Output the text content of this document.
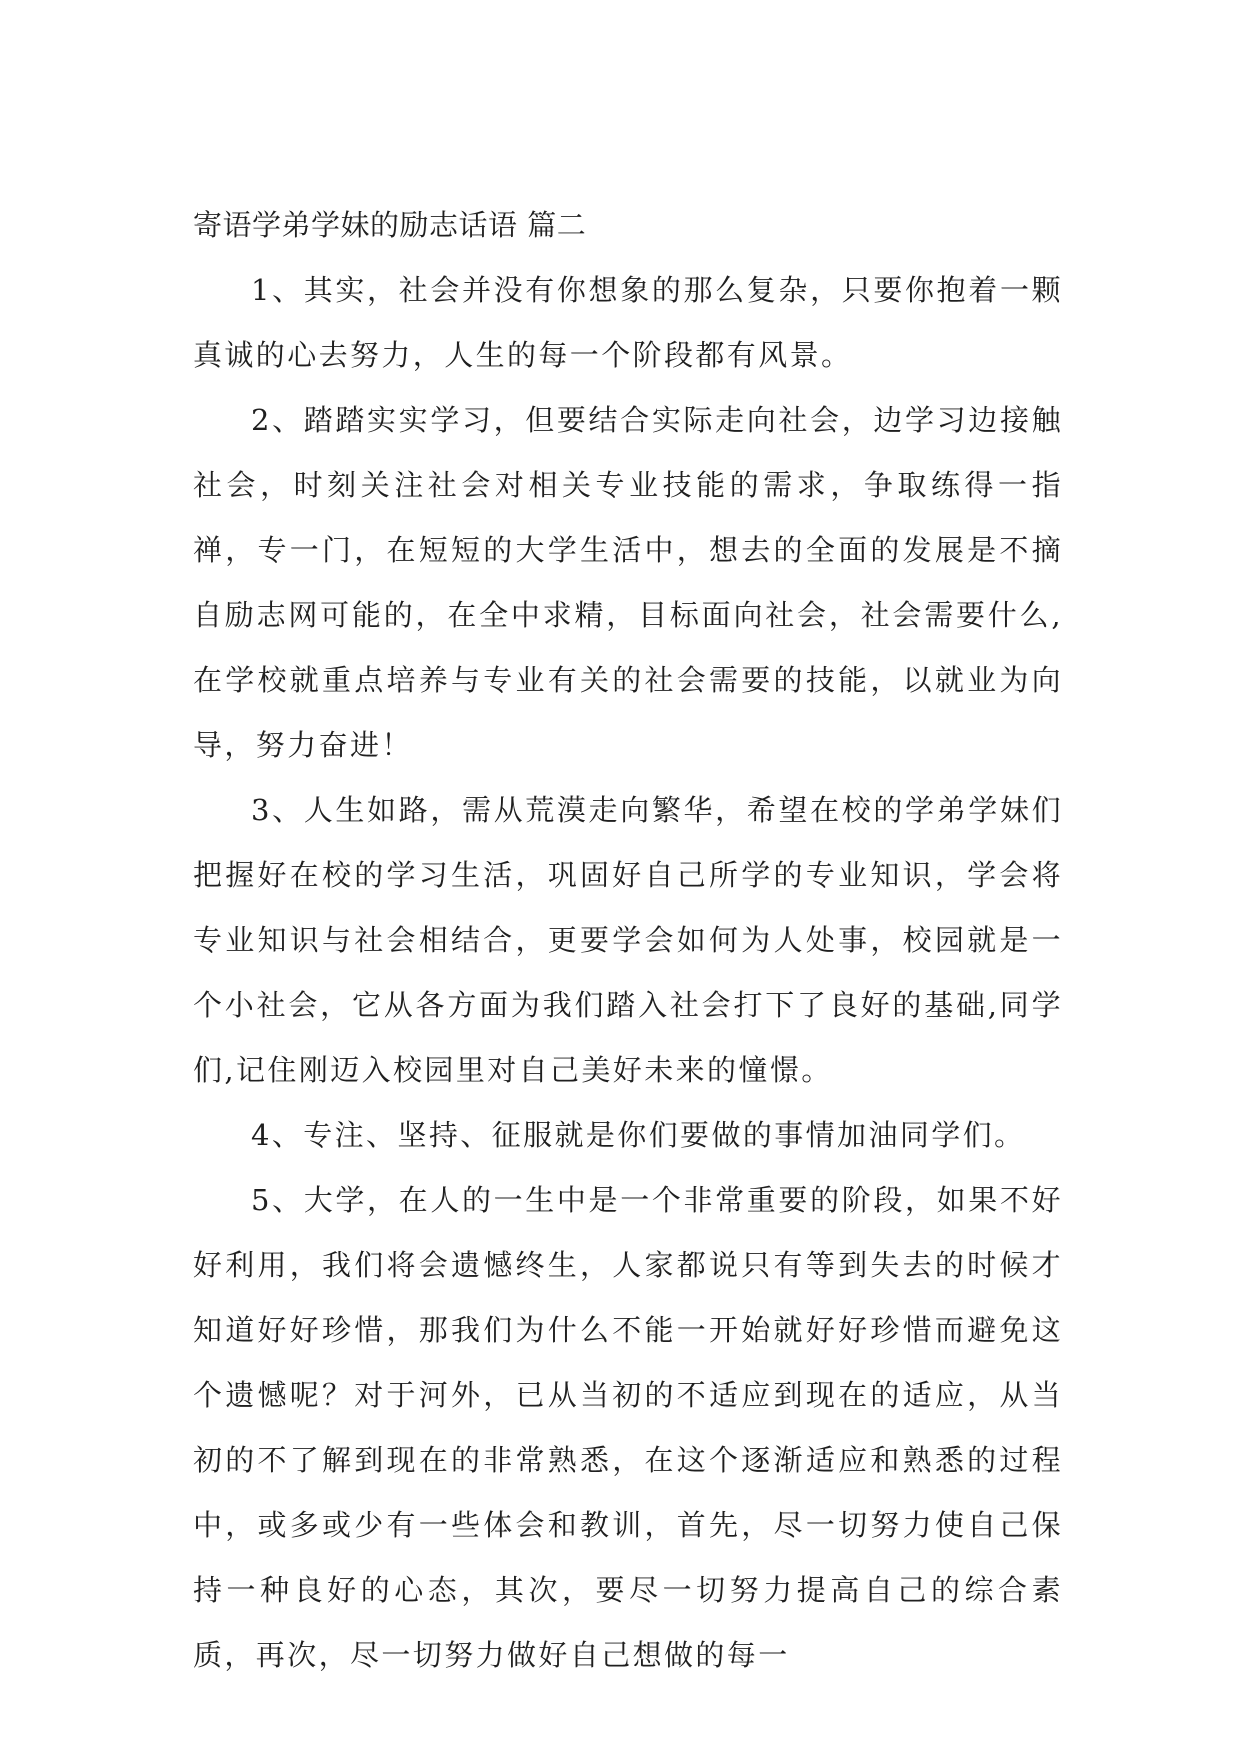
寄语学弟学妹的励志话语 篇二

1、其实，社会并没有你想象的那么复杂，只要你抱着一颗真诚的心去努力，人生的每一个阶段都有风景。

2、踏踏实实学习，但要结合实际走向社会，边学习边接触社会，时刻关注社会对相关专业技能的需求，争取练得一指禅，专一门，在短短的大学生活中，想去的全面的发展是不摘自励志网可能的，在全中求精，目标面向社会，社会需要什么,在学校就重点培养与专业有关的社会需要的技能，以就业为向导，努力奋进！

3、人生如路，需从荒漠走向繁华，希望在校的学弟学妹们把握好在校的学习生活，巩固好自己所学的专业知识，学会将专业知识与社会相结合，更要学会如何为人处事，校园就是一个小社会，它从各方面为我们踏入社会打下了良好的基础,同学们,记住刚迈入校园里对自己美好未来的憧憬。

4、专注、坚持、征服就是你们要做的事情加油同学们。

5、大学，在人的一生中是一个非常重要的阶段，如果不好好利用，我们将会遗憾终生，人家都说只有等到失去的时候才知道好好珍惜，那我们为什么不能一开始就好好珍惜而避免这个遗憾呢？对于河外，已从当初的不适应到现在的适应，从当初的不了解到现在的非常熟悉，在这个逐渐适应和熟悉的过程中，或多或少有一些体会和教训，首先，尽一切努力使自己保持一种良好的心态，其次，要尽一切努力提高自己的综合素质，再次，尽一切努力做好自己想做的每一
